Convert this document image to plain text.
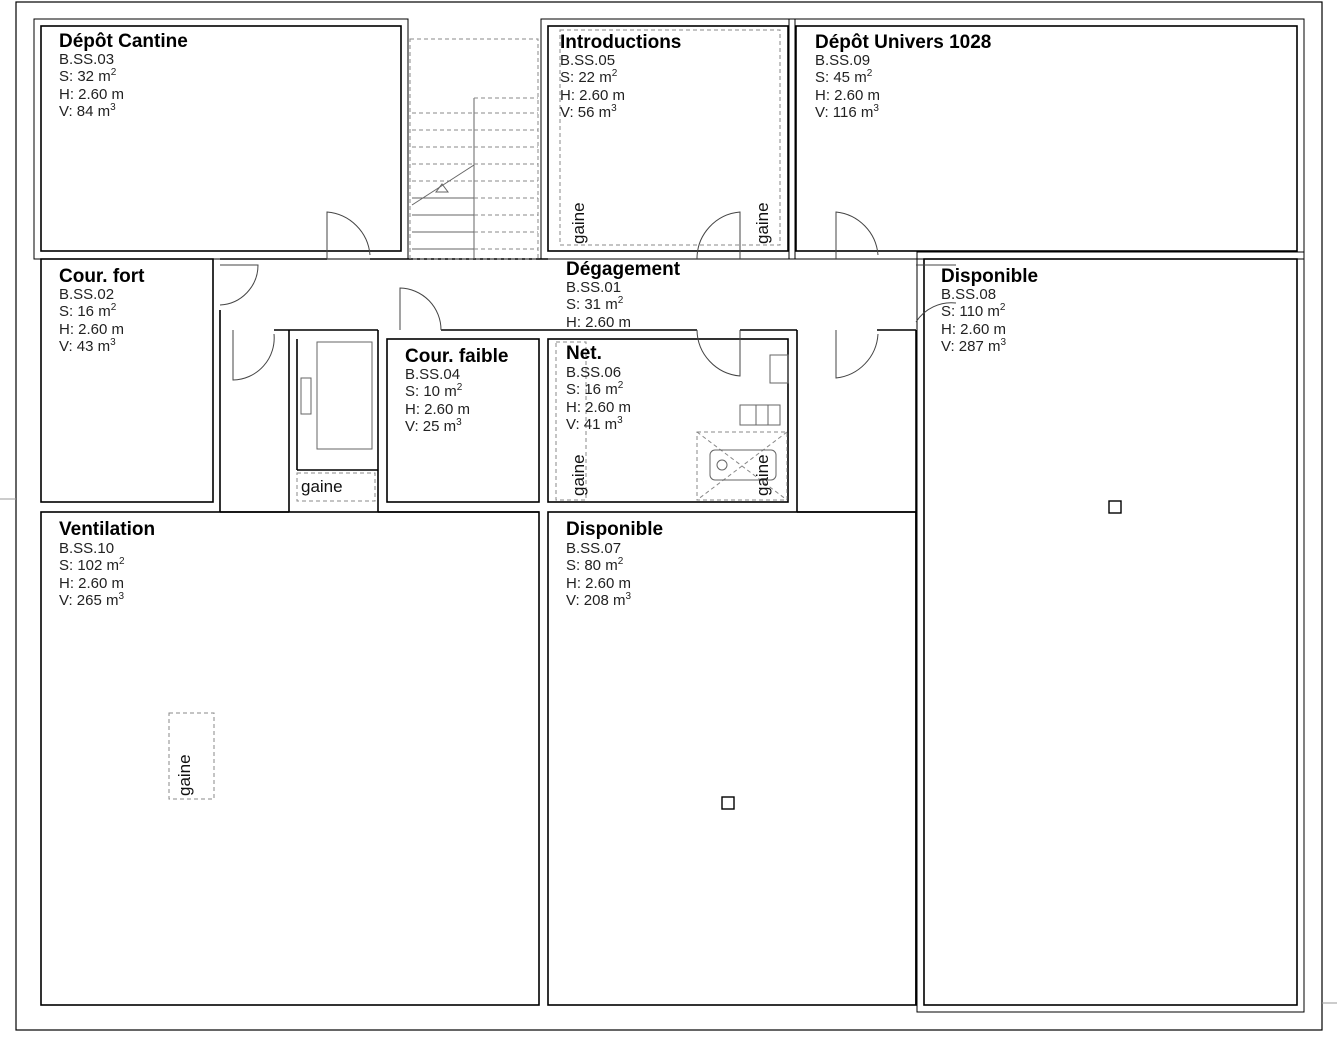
Dépôt Cantine
B.SS.03
S: 32 $m^2$
H: 2.60 m
V: 84 $m^3$
Introductions
B.SS.05
S: 22 $m^2$
H: 2.60 m
V: 56 $m^3$
Dépôt Univers 1028
B.SS.09
S: 45 $m^2$
H: 2.60 m
V: 116 $m^3$
Cour. fort
B.SS.02
S: 16 $m^2$
H: 2.60 m
V: 43 $m^3$
Dégagement
B.SS.01
S: 31 $m^2$
H: 2.60 m
Disponible
B.SS.08
S: 110 $m^2$
H: 2.60 m
V: 287 $m^3$
Cour. faible
B.SS.04
S: 10 $m^2$
H: 2.60 m
V: 25 $m^3$
Net.
B.SS.06
S: 16 $m^2$
H: 2.60 m
V: 41 $m^3$
Ventilation
B.SS.10
S: 102 $m^2$
H: 2.60 m
V: 265 $m^3$
Disponible
B.SS.07
S: 80 $m^2$
H: 2.60 m
V: 208 $m^3$
gaine	gaine
gaine	gaine
gaine
gaine
